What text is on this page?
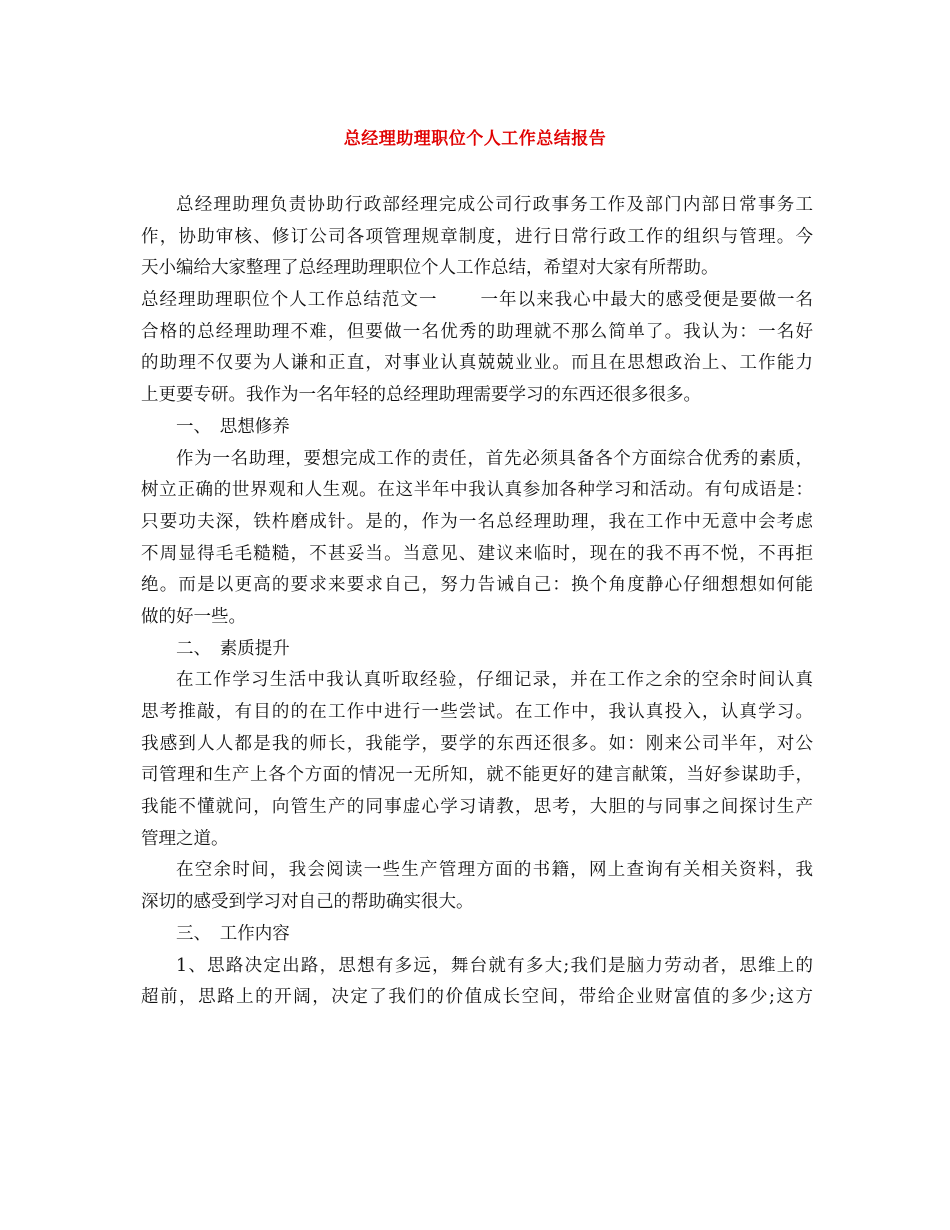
总经理助理职位个人工作总结报告
总经理助理负责协助行政部经理完成公司行政事务工作及部门内部日常事务工
作，协助审核、修订公司各项管理规章制度，进行日常行政工作的组织与管理。今
天小编给大家整理了总经理助理职位个人工作总结，希望对大家有所帮助。
总经理助理职位个人工作总结范文一 一年以来我心中最大的感受便是要做一名
合格的总经理助理不难，但要做一名优秀的助理就不那么简单了。我认为：一名好
的助理不仅要为人谦和正直，对事业认真兢兢业业。而且在思想政治上、工作能力
上更要专研。我作为一名年轻的总经理助理需要学习的东西还很多很多。
一、　思想修养
作为一名助理，要想完成工作的责任，首先必须具备各个方面综合优秀的素质，
树立正确的世界观和人生观。在这半年中我认真参加各种学习和活动。有句成语是：
只要功夫深，铁杵磨成针。是的，作为一名总经理助理，我在工作中无意中会考虑
不周显得毛毛糙糙，不甚妥当。当意见、建议来临时，现在的我不再不悦，不再拒
绝。而是以更高的要求来要求自己，努力告诫自己：换个角度静心仔细想想如何能
做的好一些。
二、　素质提升
在工作学习生活中我认真听取经验，仔细记录，并在工作之余的空余时间认真
思考推敲，有目的的在工作中进行一些尝试。在工作中，我认真投入，认真学习。
我感到人人都是我的师长，我能学，要学的东西还很多。如：刚来公司半年，对公
司管理和生产上各个方面的情况一无所知，就不能更好的建言献策，当好参谋助手，
我能不懂就问，向管生产的同事虚心学习请教，思考，大胆的与同事之间探讨生产
管理之道。
在空余时间，我会阅读一些生产管理方面的书籍，网上查询有关相关资料，我
深切的感受到学习对自己的帮助确实很大。
三、　工作内容
1、思路决定出路，思想有多远，舞台就有多大;我们是脑力劳动者，思维上的
超前，思路上的开阔，决定了我们的价值成长空间，带给企业财富值的多少;这方
